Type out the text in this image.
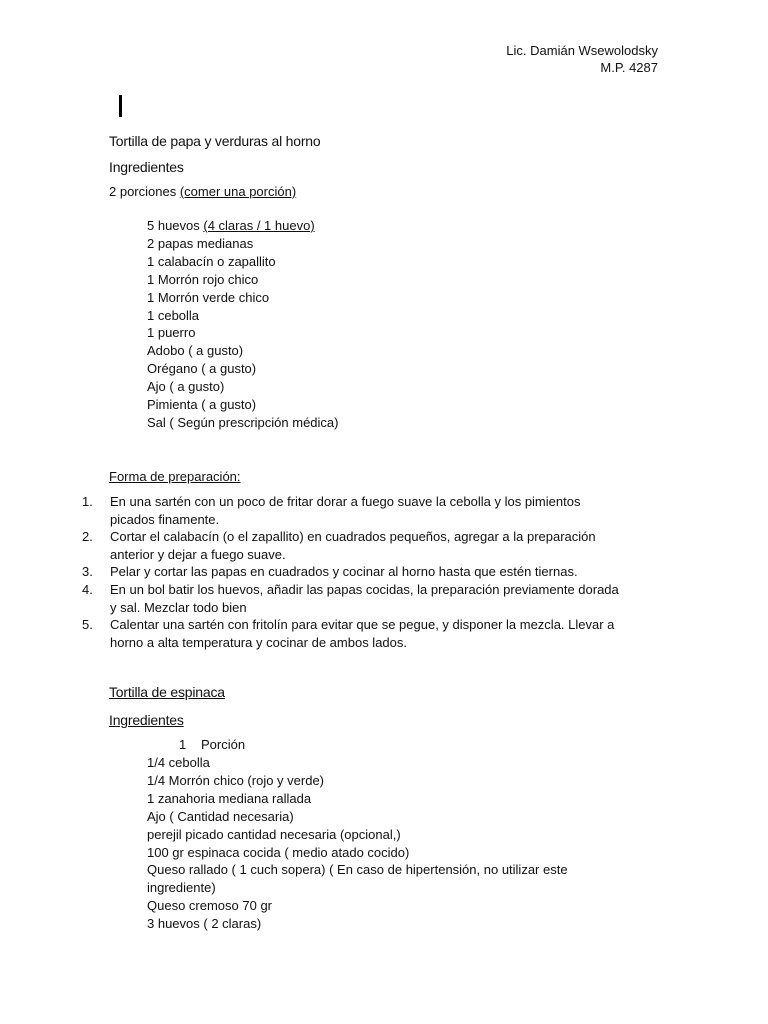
Lic. Damián Wsewolodsky
M.P. 4287
Tortilla de papa y verduras al horno
Ingredientes
2 porciones (comer una porción)
5 huevos (4 claras / 1 huevo)
2 papas medianas
1 calabacín o zapallito
1 Morrón rojo chico
1 Morrón verde chico
1 cebolla
1 puerro
Adobo ( a gusto)
Orégano ( a gusto)
Ajo ( a gusto)
Pimienta ( a gusto)
Sal ( Según prescripción médica)
Forma de preparación:
1. En una sartén con un poco de fritar dorar a fuego suave la cebolla y los pimientos
picados finamente.
2. Cortar el calabacín (o el zapallito) en cuadrados pequeños, agregar a la preparación
anterior y dejar a fuego suave.
3. Pelar y cortar las papas en cuadrados y cocinar al horno hasta que estén tiernas.
4. En un bol batir los huevos, añadir las papas cocidas, la preparación previamente dorada
y sal. Mezclar todo bien
5. Calentar una sartén con fritolín para evitar que se pegue, y disponer la mezcla. Llevar a
horno a alta temperatura y cocinar de ambos lados.
Tortilla de espinaca
Ingredientes
1 Porción
1/4 cebolla
1/4 Morrón chico (rojo y verde)
1 zanahoria mediana rallada
Ajo ( Cantidad necesaria)
perejil picado cantidad necesaria (opcional,)
100 gr espinaca cocida ( medio atado cocido)
Queso rallado ( 1 cuch sopera) ( En caso de hipertensión, no utilizar este
ingrediente)
Queso cremoso 70 gr
3 huevos ( 2 claras)
